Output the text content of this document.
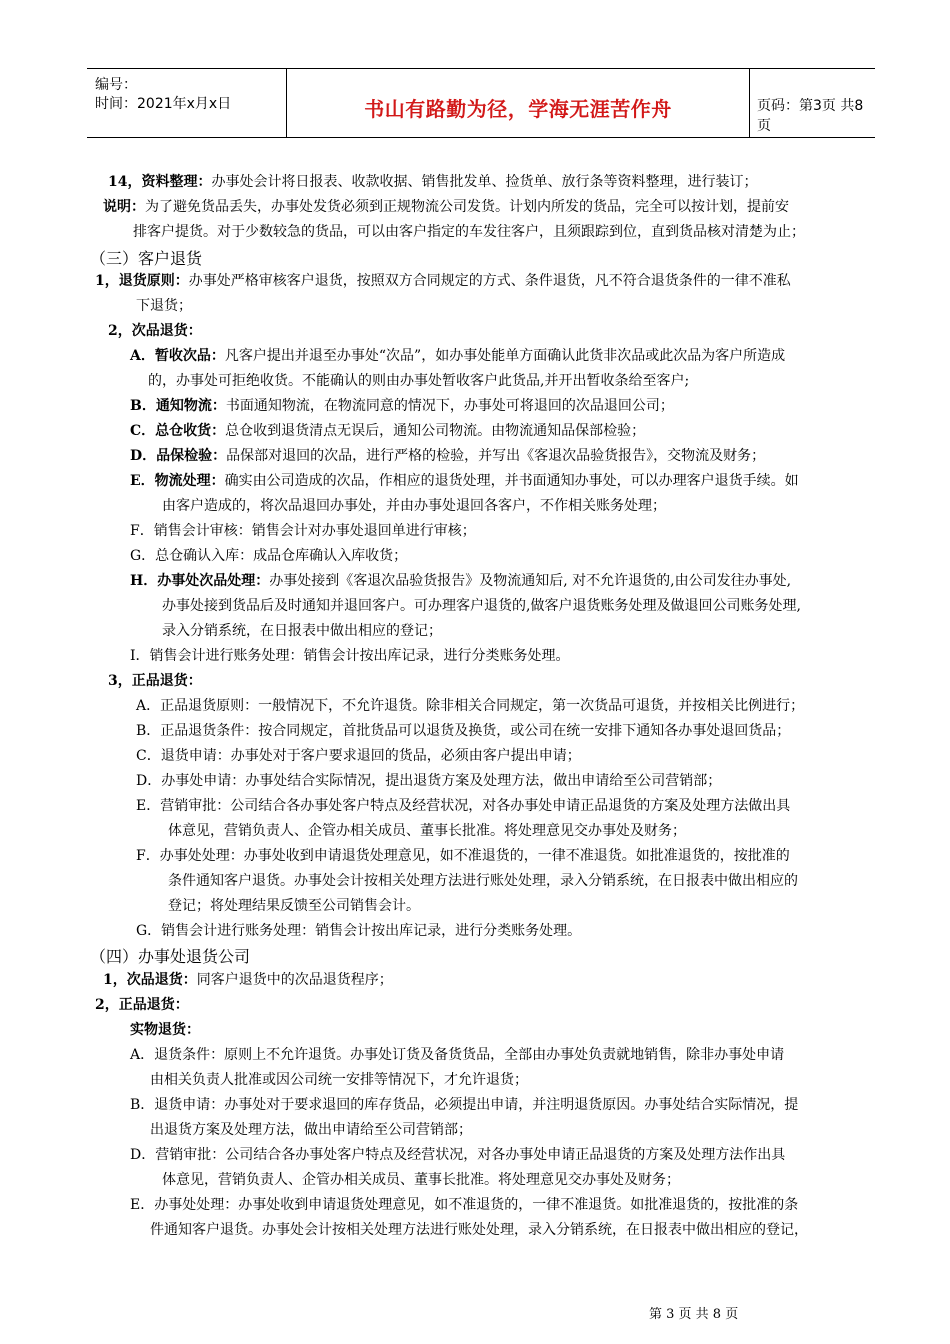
编号：
时间：2021年x月x日	书山有路勤为径，学海无涯苦作舟	页码：第3页 共8页
14，资料整理：办事处会计将日报表、收款收据、销售批发单、捡货单、放行条等资料整理，进行装订；
说明：为了避免货品丢失，办事处发货必须到正规物流公司发货。计划内所发的货品，完全可以按计划，提前安
排客户提货。对于少数较急的货品，可以由客户指定的车发往客户，且须跟踪到位，直到货品核对清楚为止；
（三）客户退货
1，退货原则：办事处严格审核客户退货，按照双方合同规定的方式、条件退货，凡不符合退货条件的一律不准私
下退货；
2，次品退货：
A．暂收次品：凡客户提出并退至办事处“次品”，如办事处能单方面确认此货非次品或此次品为客户所造成
的，办事处可拒绝收货。不能确认的则由办事处暂收客户此货品,并开出暂收条给至客户;
B．通知物流：书面通知物流，在物流同意的情况下，办事处可将退回的次品退回公司；
C．总仓收货：总仓收到退货清点无误后，通知公司物流。由物流通知品保部检验；
D．品保检验：品保部对退回的次品，进行严格的检验，并写出《客退次品验货报告》，交物流及财务；
E．物流处理：确实由公司造成的次品，作相应的退货处理，并书面通知办事处，可以办理客户退货手续。如
由客户造成的，将次品退回办事处，并由办事处退回各客户，不作相关账务处理；
F．销售会计审核：销售会计对办事处退回单进行审核；
G．总仓确认入库：成品仓库确认入库收货；
H．办事处次品处理：办事处接到《客退次品验货报告》及物流通知后, 对不允许退货的,由公司发往办事处,
办事处接到货品后及时通知并退回客户。可办理客户退货的,做客户退货账务处理及做退回公司账务处理,
录入分销系统，在日报表中做出相应的登记；
I．销售会计进行账务处理：销售会计按出库记录，进行分类账务处理。
3，正品退货：
A．正品退货原则：一般情况下，不允许退货。除非相关合同规定，第一次货品可退货，并按相关比例进行；
B．正品退货条件：按合同规定，首批货品可以退货及换货，或公司在统一安排下通知各办事处退回货品；
C．退货申请：办事处对于客户要求退回的货品，必须由客户提出申请；
D．办事处申请：办事处结合实际情况，提出退货方案及处理方法，做出申请给至公司营销部；
E．营销审批：公司结合各办事处客户特点及经营状况，对各办事处申请正品退货的方案及处理方法做出具
体意见，营销负责人、企管办相关成员、董事长批准。将处理意见交办事处及财务；
F．办事处处理：办事处收到申请退货处理意见，如不准退货的，一律不准退货。如批准退货的，按批准的
条件通知客户退货。办事处会计按相关处理方法进行账处处理，录入分销系统，在日报表中做出相应的
登记；将处理结果反馈至公司销售会计。
G．销售会计进行账务处理：销售会计按出库记录，进行分类账务处理。
（四）办事处退货公司
1，次品退货：同客户退货中的次品退货程序；
2，正品退货：
实物退货：
A．退货条件：原则上不允许退货。办事处订货及备货货品，全部由办事处负责就地销售，除非办事处申请
由相关负责人批准或因公司统一安排等情况下，才允许退货；
B．退货申请：办事处对于要求退回的库存货品，必须提出申请，并注明退货原因。办事处结合实际情况，提
出退货方案及处理方法，做出申请给至公司营销部；
D．营销审批：公司结合各办事处客户特点及经营状况，对各办事处申请正品退货的方案及处理方法作出具
体意见，营销负责人、企管办相关成员、董事长批准。将处理意见交办事处及财务；
E．办事处处理：办事处收到申请退货处理意见，如不准退货的，一律不准退货。如批准退货的，按批准的条
件通知客户退货。办事处会计按相关处理方法进行账处处理，录入分销系统，在日报表中做出相应的登记，
第 3 页 共 8 页
